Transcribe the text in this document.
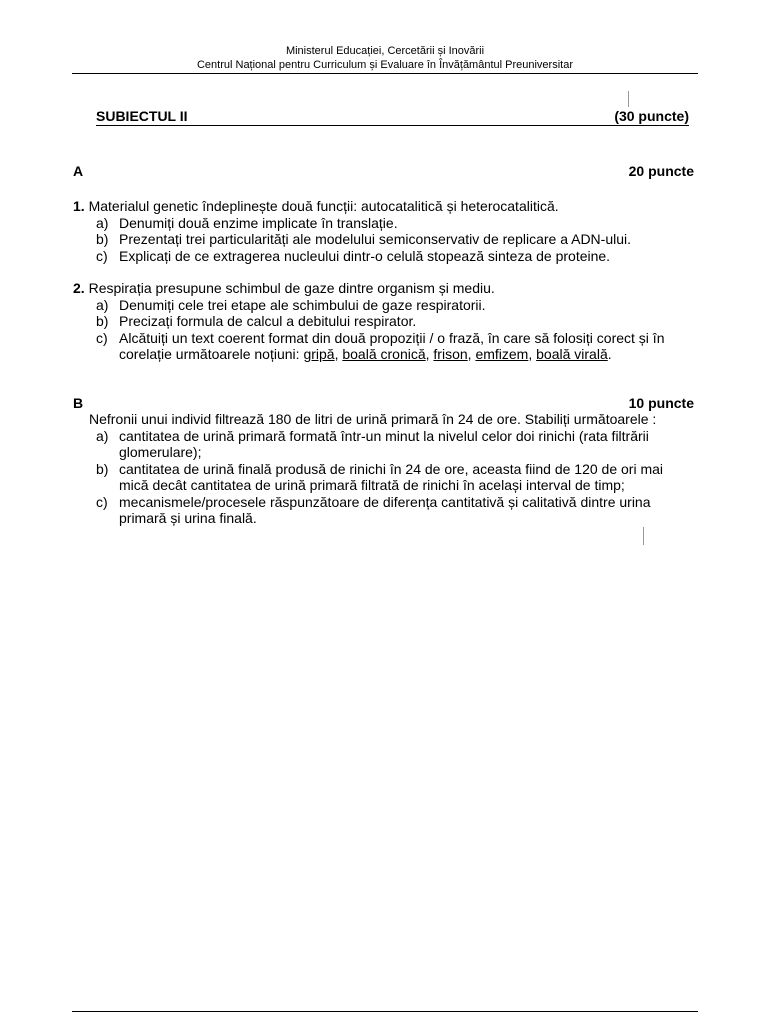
Ministerul Educației, Cercetării și Inovării
Centrul Național pentru Curriculum și Evaluare în Învățământul Preuniversitar
SUBIECTUL II	(30 puncte)
A	20 puncte
1. Materialul genetic îndeplinește două funcții: autocatalitică și heterocatalitică.
a) Denumiți două enzime implicate în translație.
b) Prezentați trei particularități ale modelului semiconservativ de replicare a ADN-ului.
c) Explicați de ce extragerea nucleului dintr-o celulă stopează sinteza de proteine.
2. Respirația presupune schimbul de gaze dintre organism și mediu.
a) Denumiți cele trei etape ale schimbului de gaze respiratorii.
b) Precizați formula de calcul a debitului respirator.
c) Alcătuiți un text coerent format din două propoziții / o frază, în care să folosiți corect și în corelație următoarele noțiuni: gripă, boală cronică, frison, emfizem, boală virală.
B	10 puncte
Nefronii unui individ filtrează 180 de litri de urină primară în 24 de ore. Stabiliți următoarele :
a) cantitatea de urină primară formată într-un minut la nivelul celor doi rinichi (rata filtrării glomerulare);
b) cantitatea de urină finală produsă de rinichi în 24 de ore, aceasta fiind de 120 de ori mai mică decât cantitatea de urină primară filtrată de rinichi în același interval de timp;
c) mecanismele/procesele răspunzătoare de diferența cantitativă și calitativă dintre urina primară și urina finală.
